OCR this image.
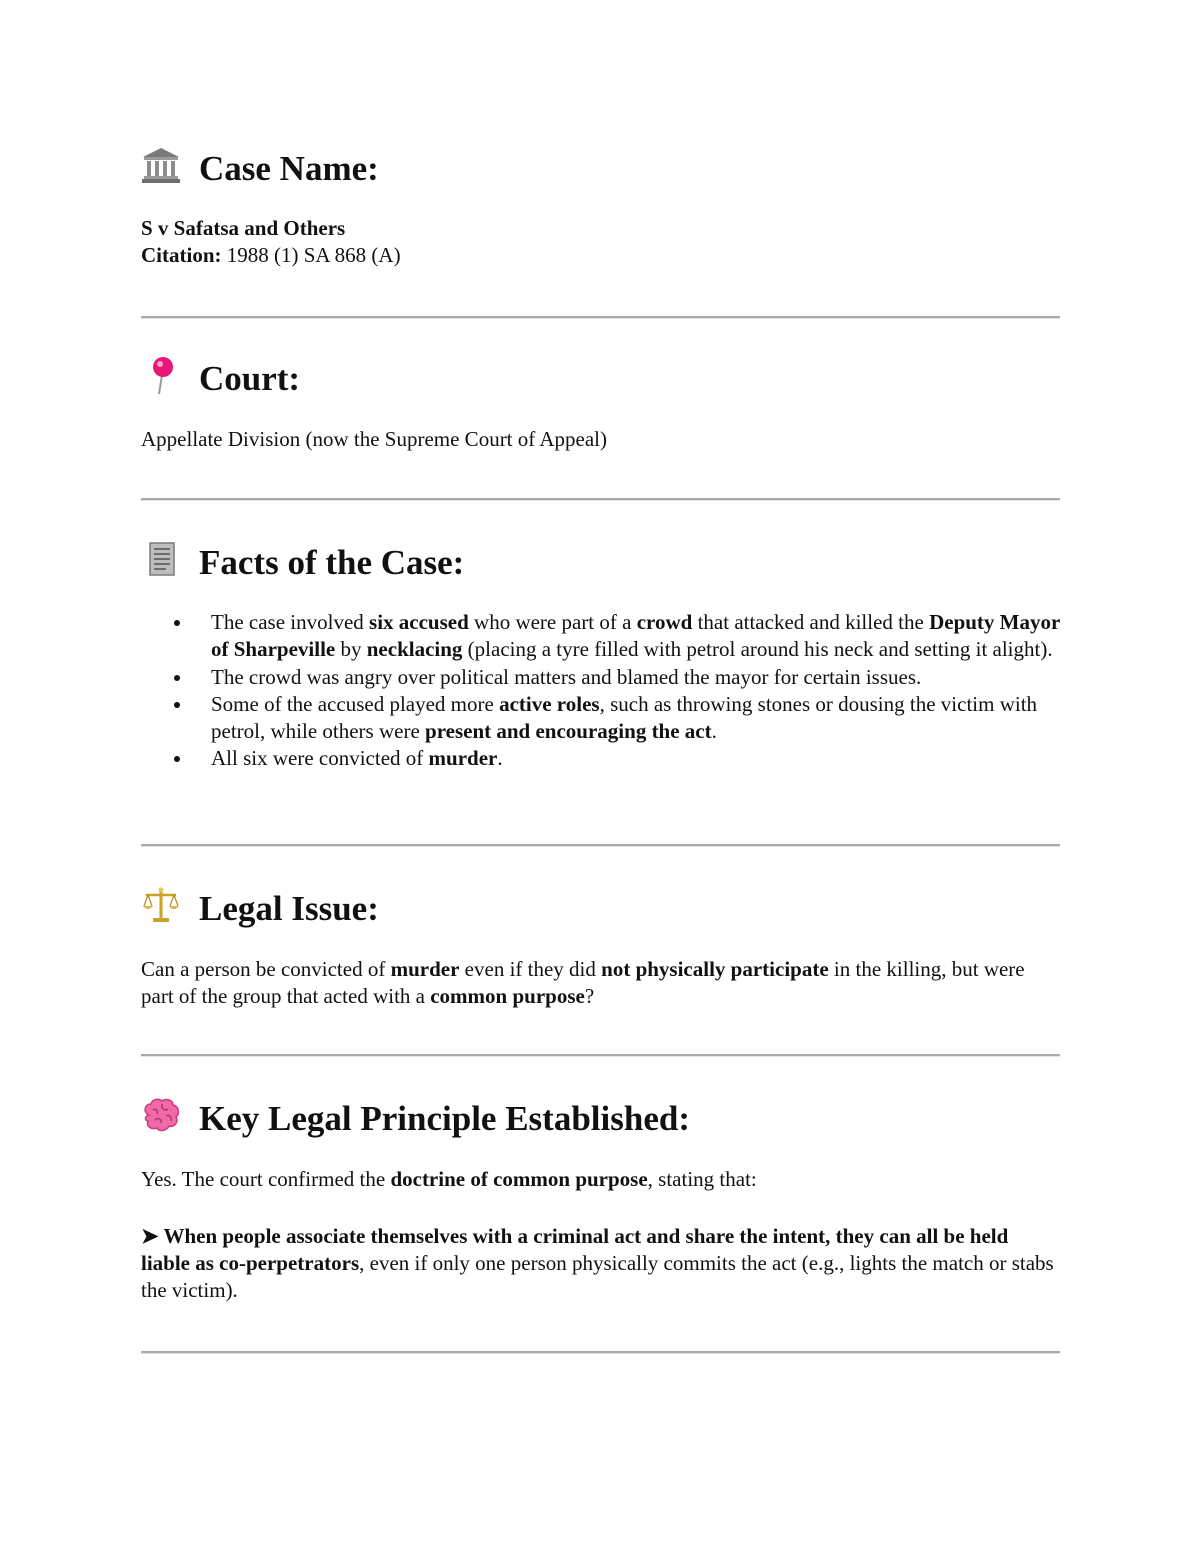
Case Name:

S v Safatsa and Others

Citation: 1988 (1) SA 868 (A)

Court:

Appellate Division (now the Supreme Court of Appeal)

Facts of the Case:
The case involved six accused who were part of a crowd that attacked and killed the Deputy Mayor of Sharpeville by necklacing (placing a tyre filled with petrol around his neck and setting it alight).
The crowd was angry over political matters and blamed the mayor for certain issues.
Some of the accused played more active roles, such as throwing stones or dousing the victim with petrol, while others were present and encouraging the act.
All six were convicted of murder.
Legal Issue:

Can a person be convicted of murder even if they did not physically participate in the killing, but were part of the group that acted with a common purpose?

Key Legal Principle Established:

Yes. The court confirmed the doctrine of common purpose, stating that:

➤ When people associate themselves with a criminal act and share the intent, they can all be held liable as co-perpetrators, even if only one person physically commits the act (e.g., lights the match or stabs the victim).
